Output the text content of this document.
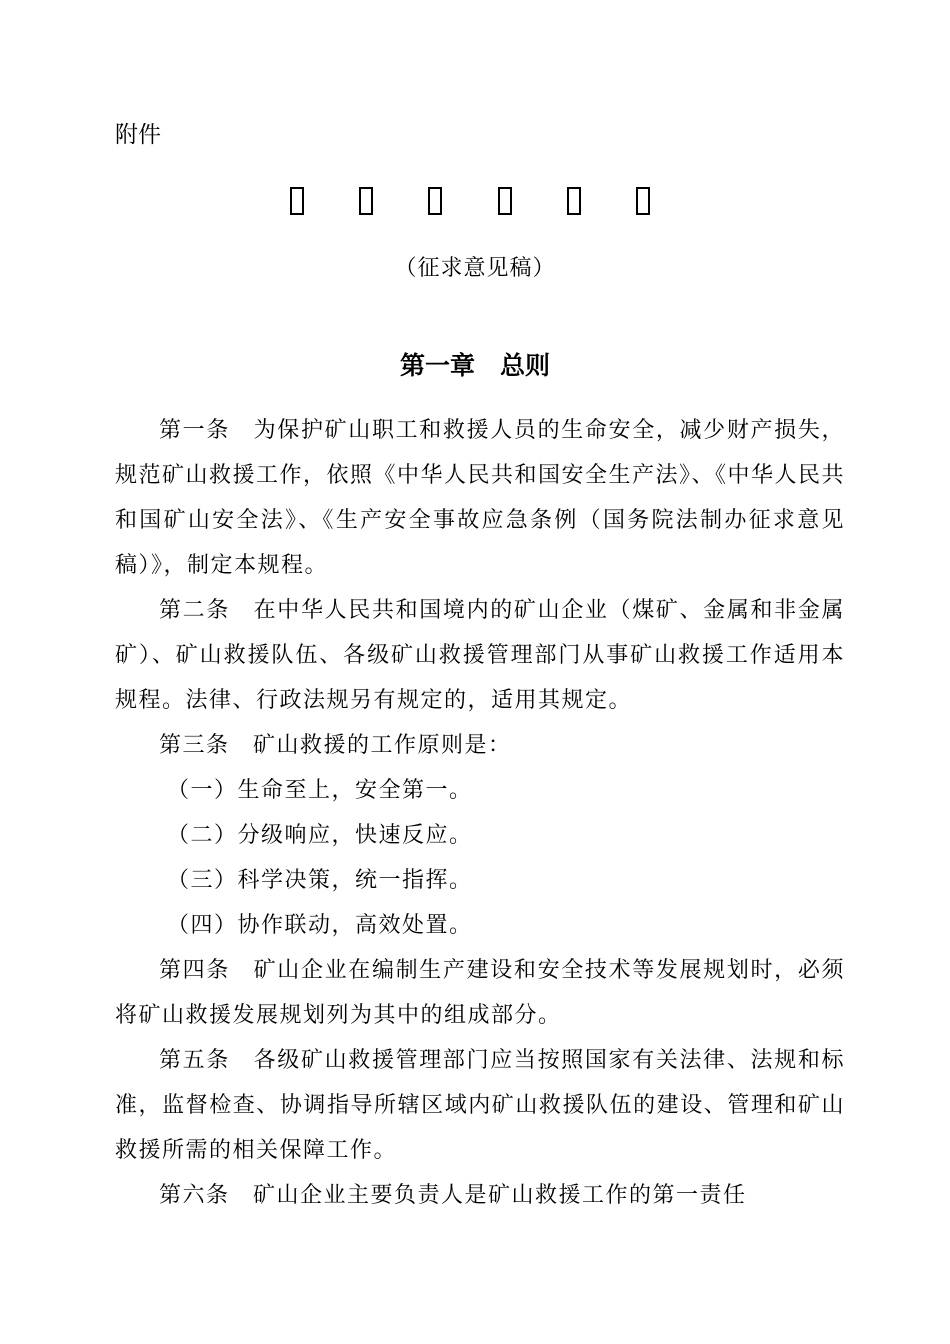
附件
（征求意见稿）
第一章　总则

第一条　为保护矿山职工和救援人员的生命安全，减少财产损失，规范矿山救援工作，依照《中华人民共和国安全生产法》、《中华人民共和国矿山安全法》、《生产安全事故应急条例（国务院法制办征求意见稿）》，制定本规程。

第二条　在中华人民共和国境内的矿山企业（煤矿、金属和非金属矿）、矿山救援队伍、各级矿山救援管理部门从事矿山救援工作适用本规程。法律、行政法规另有规定的，适用其规定。

第三条　矿山救援的工作原则是：

（一）生命至上，安全第一。

（二）分级响应，快速反应。

（三）科学决策，统一指挥。

（四）协作联动，高效处置。

第四条　矿山企业在编制生产建设和安全技术等发展规划时，必须将矿山救援发展规划列为其中的组成部分。

第五条　各级矿山救援管理部门应当按照国家有关法律、法规和标准，监督检查、协调指导所辖区域内矿山救援队伍的建设、管理和矿山救援所需的相关保障工作。

第六条　矿山企业主要负责人是矿山救援工作的第一责任
